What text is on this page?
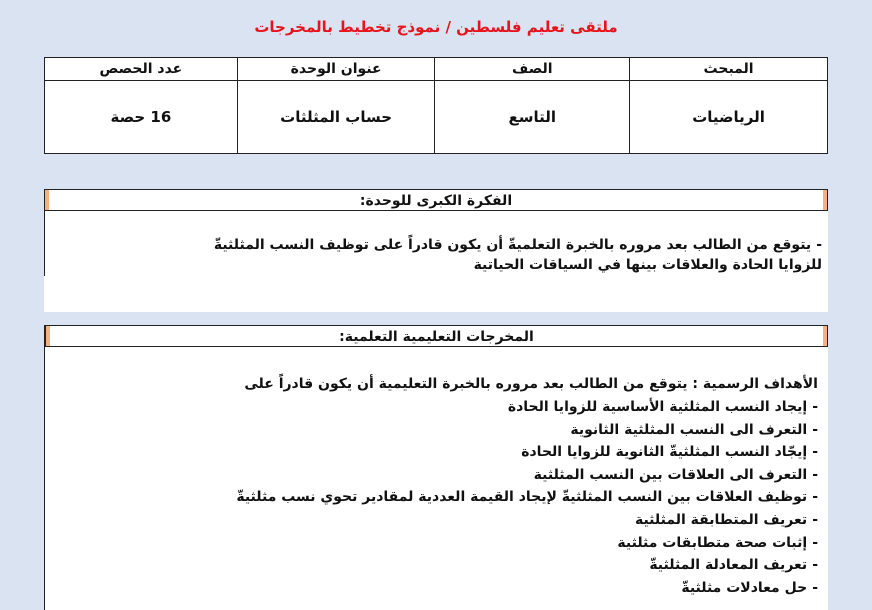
ملتقى تعليم فلسطين / نموذج تخطيط بالمخرجات
المبحث	الصف	عنوان الوحدة	عدد الحصص
الرياضيات	التاسع	حساب المثلثات	16 حصة
الفكرة الكبرى للوحدة:
-يتوقع من الطالب بعد مروره بالخبرة التعلميةّ أن يكون قادراً على توظيف النسب المثلثيةّ
للزوايا الحادة والعلاقات بينها في السياقات الحياتية
المخرجات التعليمية التعلمية:
الأهداف الرسمية : يتوقع من الطالب بعد مروره بالخبرة التعليمية أن يكون قادراً على
-إيجاد النسب المثلثية الأساسية للزوايا الحادة
-التعرف الى النسب المثلثية الثانوية
-إيجّاد النسب المثلثيةّ الثانوية للزوايا الحادة
-التعرف الى العلاقات بين النسب المثلثية
-توظيف العلاقات بين النسب المثلثيةّ لإيجاد القيمة العددية لمقادير تحوي نسب مثلثيةّ
-تعريف المتطابقة المثلثية
-إثبات صحة متطابقات مثلثية
-تعريف المعادلة المثلثيةّ
-حل معادلات مثلثيةّ
